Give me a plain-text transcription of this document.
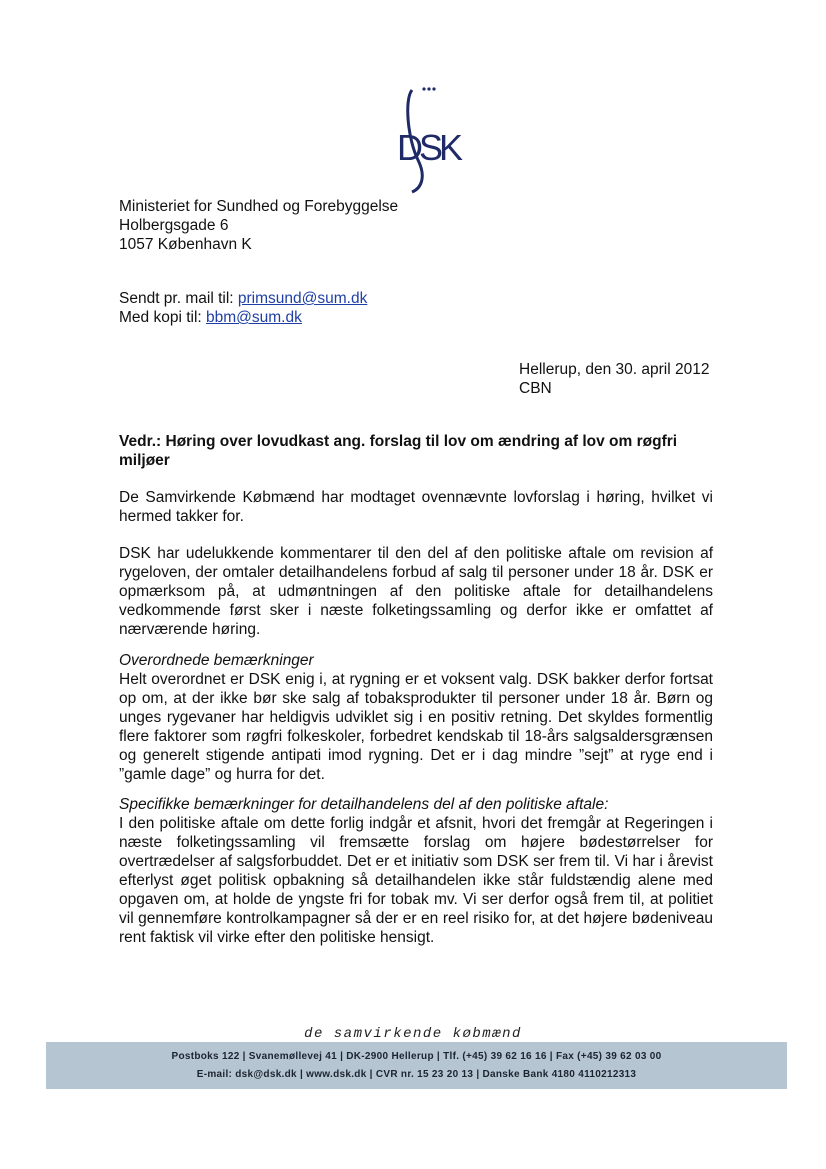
DSK
Ministeriet for Sundhed og Forebyggelse
Holbergsgade 6
1057 København K
Sendt pr. mail til: primsund@sum.dk
Med kopi til: bbm@sum.dk
Hellerup, den 30. april 2012
CBN
Vedr.: Høring over lovudkast ang. forslag til lov om ændring af lov om røgfri miljøer
De Samvirkende Købmænd har modtaget ovennævnte lovforslag i høring, hvilket vi hermed takker for.
DSK har udelukkende kommentarer til den del af den politiske aftale om revision af rygeloven, der omtaler detailhandelens forbud af salg til personer under 18 år. DSK er opmærksom på, at udmøntningen af den politiske aftale for detailhandelens vedkommende først sker i næste folketingssamling og derfor ikke er omfattet af nærværende høring.
Overordnede bemærkninger
Helt overordnet er DSK enig i, at rygning er et voksent valg. DSK bakker derfor fortsat op om, at der ikke bør ske salg af tobaksprodukter til personer under 18 år. Børn og unges rygevaner har heldigvis udviklet sig i en positiv retning. Det skyldes formentlig flere faktorer som røgfri folkeskoler, forbedret kendskab til 18-års salgsaldersgrænsen og generelt stigende antipati imod rygning. Det er i dag mindre ”sejt” at ryge end i ”gamle dage” og hurra for det.
Specifikke bemærkninger for detailhandelens del af den politiske aftale:
I den politiske aftale om dette forlig indgår et afsnit, hvori det fremgår at Regeringen i næste folketingssamling vil fremsætte forslag om højere bødestørrelser for overtrædelser af salgsforbuddet. Det er et initiativ som DSK ser frem til. Vi har i årevist efterlyst øget politisk opbakning så detailhandelen ikke står fuldstændig alene med opgaven om, at holde de yngste fri for tobak mv. Vi ser derfor også frem til, at politiet vil gennemføre kontrolkampagner så der er en reel risiko for, at det højere bødeniveau rent faktisk vil virke efter den politiske hensigt.
de samvirkende købmænd
Postboks 122 | Svanemøllevej 41 | DK-2900 Hellerup | Tlf. (+45) 39 62 16 16 | Fax (+45) 39 62 03 00
E-mail: dsk@dsk.dk | www.dsk.dk | CVR nr. 15 23 20 13 | Danske Bank 4180 4110212313
